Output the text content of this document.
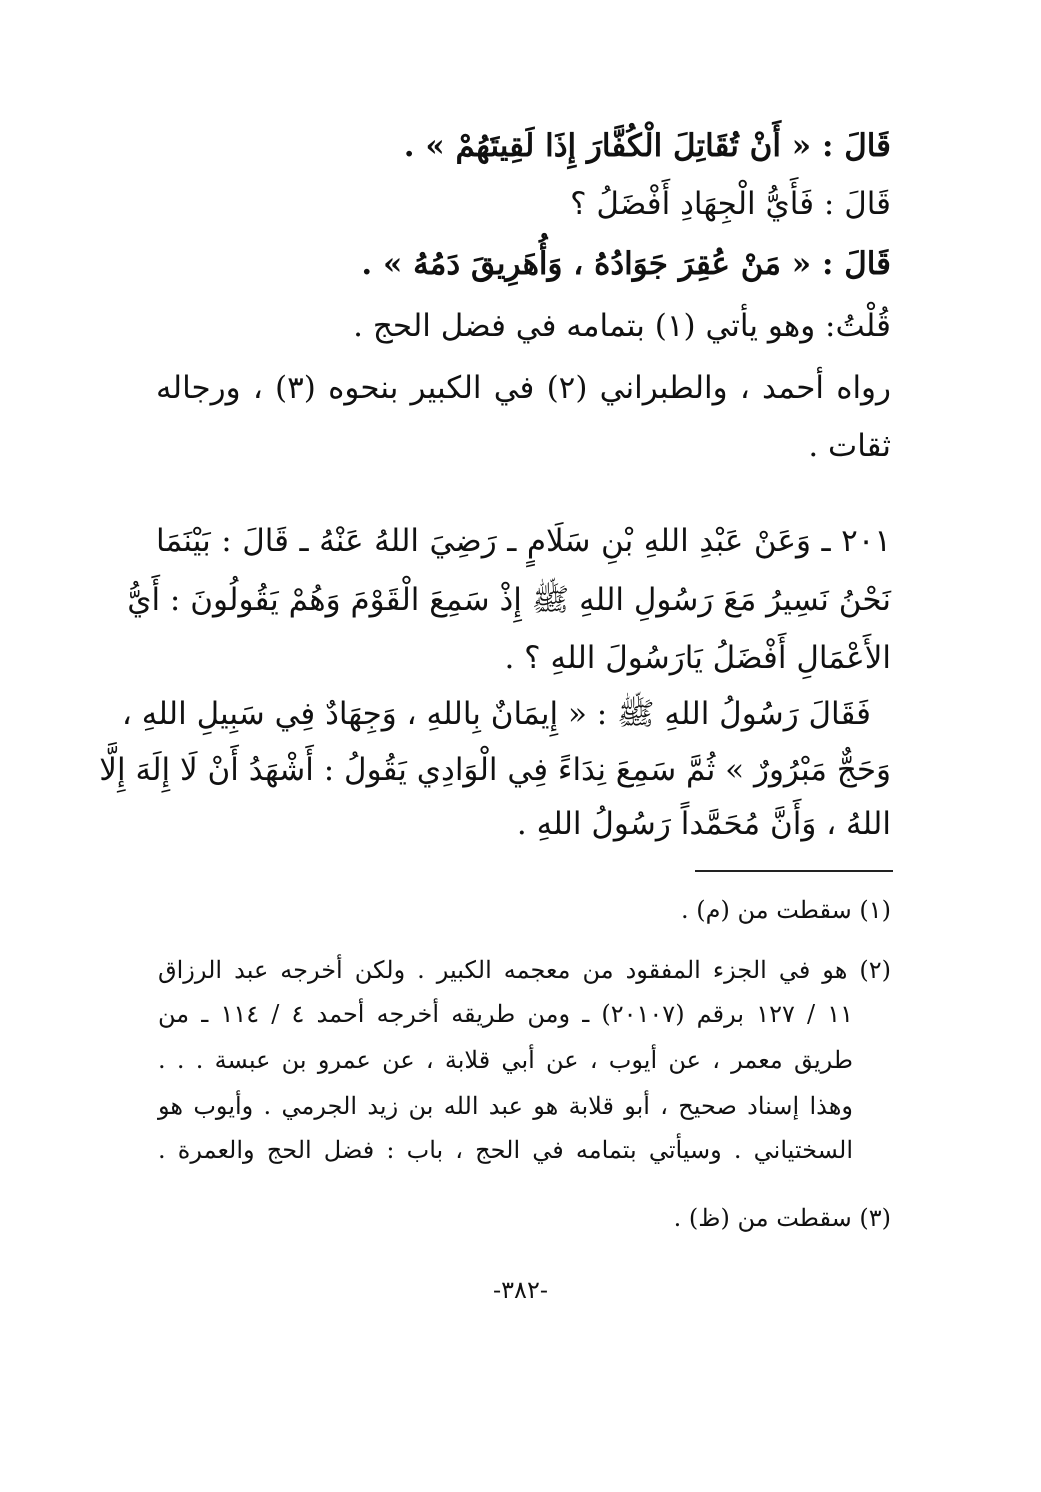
قَالَ : « أَنْ تُقَاتِلَ الْكُفَّارَ إِذَا لَقِيتَهُمْ » .
قَالَ : فَأَيُّ الْجِهَادِ أَفْضَلُ ؟
قَالَ : « مَنْ عُقِرَ جَوَادُهُ ، وَأُهَرِيقَ دَمُهُ » .
قُلْتُ: وهو يأتي (١) بتمامه في فضل الحج .
رواه أحمد ، والطبراني (٢) في الكبير بنحوه (٣) ، ورجاله
ثقات .
٢٠١ ـ وَعَنْ عَبْدِ اللهِ بْنِ سَلَامٍ ـ رَضِيَ اللهُ عَنْهُ ـ قَالَ : بَيْنَمَا
نَحْنُ نَسِيرُ مَعَ رَسُولِ اللهِ ﷺ إِذْ سَمِعَ الْقَوْمَ وَهُمْ يَقُولُونَ : أَيُّ
الأَعْمَالِ أَفْضَلُ يَارَسُولَ اللهِ ؟ .
فَقَالَ رَسُولُ اللهِ ﷺ : « إِيمَانٌ بِاللهِ ، وَجِهَادٌ فِي سَبِيلِ اللهِ ،
وَحَجٌّ مَبْرُورٌ » ثُمَّ سَمِعَ نِدَاءً فِي الْوَادِي يَقُولُ : أَشْهَدُ أَنْ لَا إِلَهَ إِلَّا
اللهُ ، وَأَنَّ مُحَمَّداً رَسُولُ اللهِ .
(١) سقطت من (م) .
(٢) هو في الجزء المفقود من معجمه الكبير . ولكن أخرجه عبد الرزاق
١١ / ١٢٧ برقم (٢٠١٠٧) ـ ومن طريقه أخرجه أحمد ٤ / ١١٤ ـ من
طريق معمر ، عن أيوب ، عن أبي قلابة ، عن عمرو بن عبسة . . .
وهذا إسناد صحيح ، أبو قلابة هو عبد الله بن زيد الجرمي . وأيوب هو
السختياني . وسيأتي بتمامه في الحج ، باب : فضل الحج والعمرة .
(٣) سقطت من (ظ) .
-٣٨٢-
